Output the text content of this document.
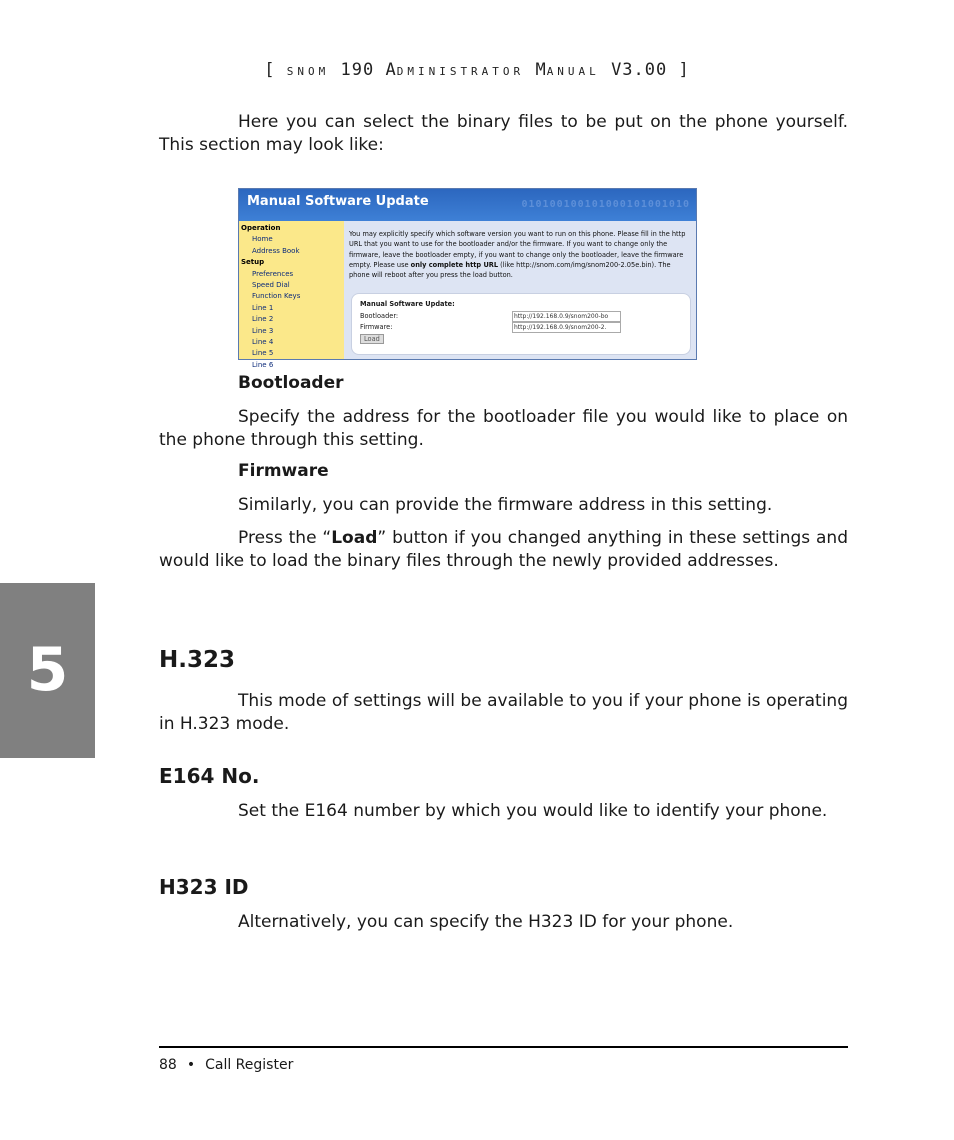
[ SNOM 190 ADMINISTRATOR MANUAL V3.00 ]

Here you can select the binary files to be put on the phone yourself. This section may look like:

Manual Software Update	010100100101000101001010
Operation
Home
Address Book
Setup
Preferences
Speed Dial
Function Keys
Line 1
Line 2
Line 3
Line 4
Line 5
Line 6
You may explicitly specify which software version you want to run on this phone. Please fill in the http URL that you want to use for the bootloader and/or the firmware. If you want to change only the firmware, leave the bootloader empty, if you want to change only the bootloader, leave the firmware empty. Please use only complete http URL (like http://snom.com/img/snom200-2.05e.bin). The phone will reboot after you press the load button.
Manual Software Update:
Bootloader:	http://192.168.0.9/snom200-bo
Firmware:	http://192.168.0.9/snom200-2.
Load
Bootloader

Specify the address for the bootloader file you would like to place on the phone through this setting.

Firmware

Similarly, you can provide the firmware address in this setting.

Press the “Load” button if you changed anything in these settings and would like to load the binary files through the newly provided addresses.

5	H.323

This mode of settings will be available to you if your phone is operating in H.323 mode.

E164 No.

Set the E164 number by which you would like to identify your phone.

H323 ID

Alternatively, you can specify the H323 ID for your phone.

88 • Call Register
